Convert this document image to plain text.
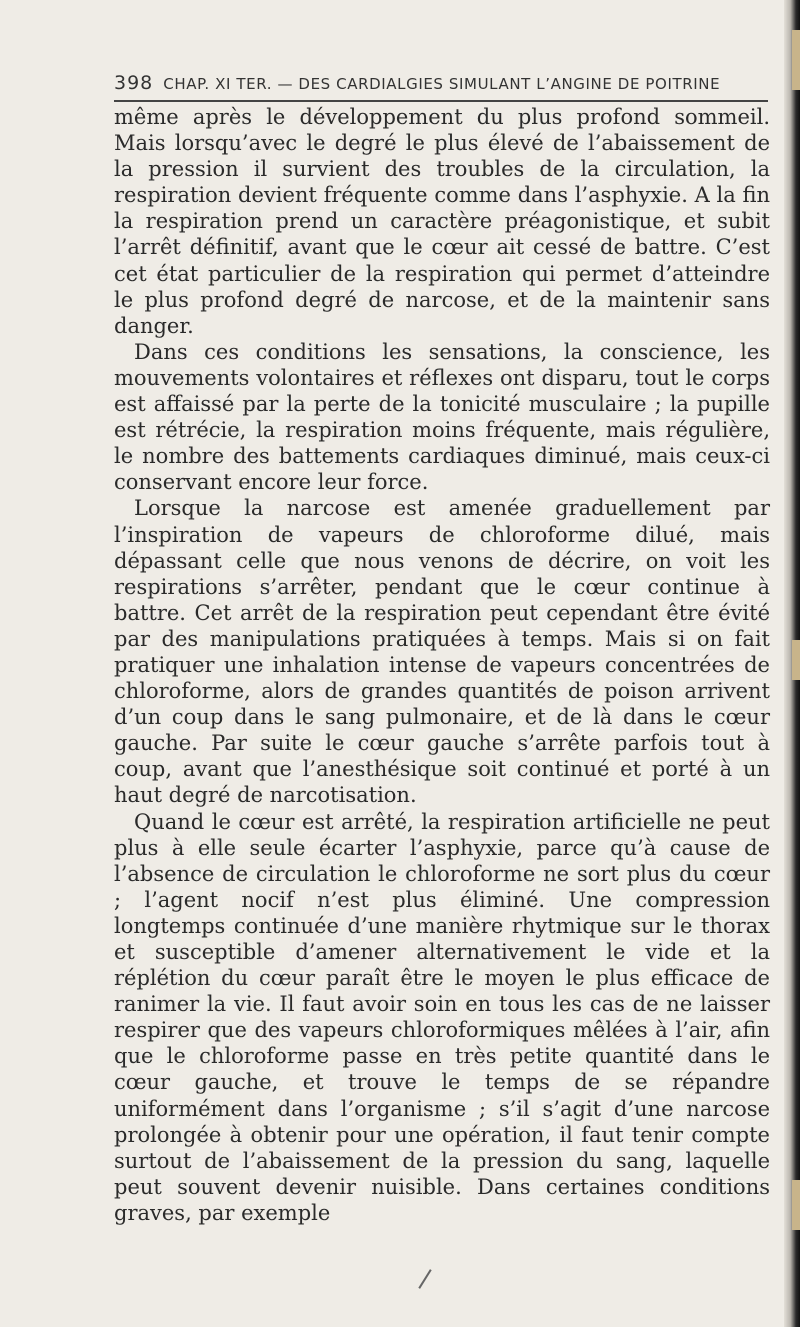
398 CHAP. XI TER. — DES CARDIALGIES SIMULANT L’ANGINE DE POITRINE

même après le développement du plus profond sommeil. Mais lorsqu’avec le degré le plus élevé de l’abaissement de la pression il survient des troubles de la circulation, la respiration devient fréquente comme dans l’asphyxie. A la fin la respiration prend un caractère préagonistique, et subit l’arrêt définitif, avant que le cœur ait cessé de battre. C’est cet état particulier de la respiration qui permet d’atteindre le plus profond degré de narcose, et de la maintenir sans danger.

Dans ces conditions les sensations, la conscience, les mouvements volontaires et réflexes ont disparu, tout le corps est affaissé par la perte de la tonicité musculaire ; la pupille est rétrécie, la respiration moins fréquente, mais régulière, le nombre des battements cardiaques diminué, mais ceux-ci conservant encore leur force.

Lorsque la narcose est amenée graduellement par l’inspiration de vapeurs de chloroforme dilué, mais dépassant celle que nous venons de décrire, on voit les respirations s’arrêter, pendant que le cœur continue à battre. Cet arrêt de la respiration peut cependant être évité par des manipulations pratiquées à temps. Mais si on fait pratiquer une inhalation intense de vapeurs concentrées de chloroforme, alors de grandes quantités de poison arrivent d’un coup dans le sang pulmonaire, et de là dans le cœur gauche. Par suite le cœur gauche s’arrête parfois tout à coup, avant que l’anesthésique soit continué et porté à un haut degré de narcotisation.

Quand le cœur est arrêté, la respiration artificielle ne peut plus à elle seule écarter l’asphyxie, parce qu’à cause de l’absence de circulation le chloroforme ne sort plus du cœur ; l’agent nocif n’est plus éliminé. Une compression longtemps continuée d’une manière rhytmique sur le thorax et susceptible d’amener alternativement le vide et la réplétion du cœur paraît être le moyen le plus efficace de ranimer la vie. Il faut avoir soin en tous les cas de ne laisser respirer que des vapeurs chloroformiques mêlées à l’air, afin que le chloroforme passe en très petite quantité dans le cœur gauche, et trouve le temps de se répandre uniformément dans l’organisme ; s’il s’agit d’une narcose prolongée à obtenir pour une opération, il faut tenir compte surtout de l’abaissement de la pression du sang, laquelle peut souvent devenir nuisible. Dans certaines conditions graves, par exemple
